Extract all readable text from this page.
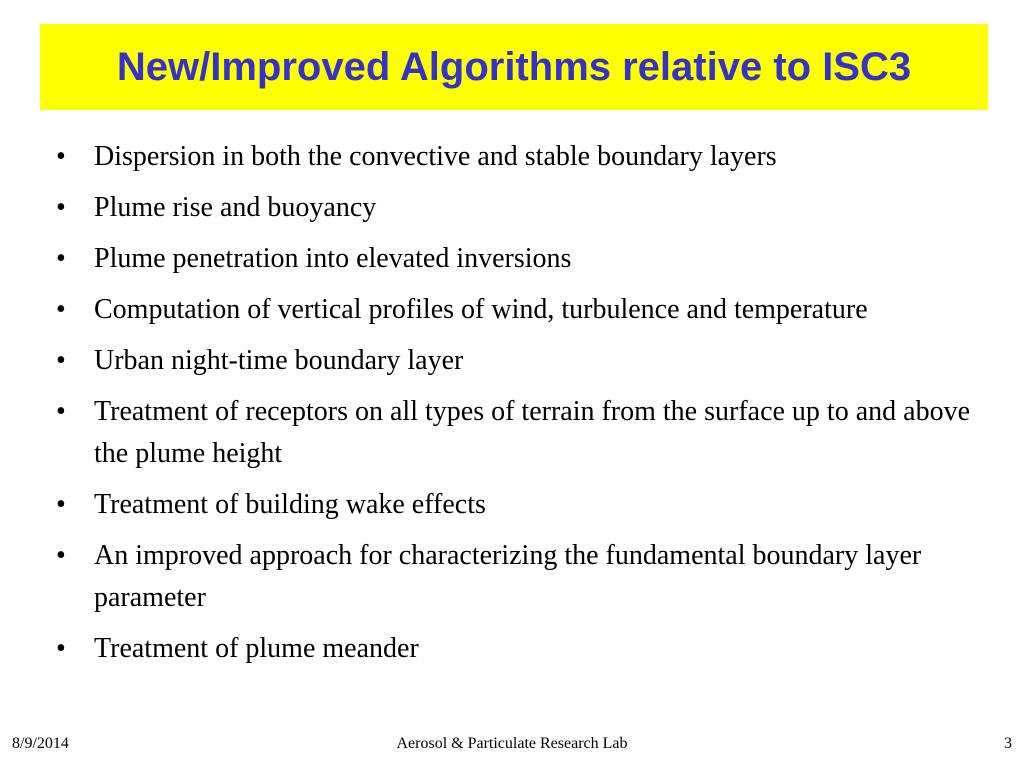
New/Improved Algorithms relative to ISC3
•	Dispersion in both the convective and stable boundary layers
•	Plume rise and buoyancy
•	Plume penetration into elevated inversions
•	Computation of vertical profiles of wind, turbulence and temperature
•	Urban night-time boundary layer
•	Treatment of receptors on all types of terrain from the surface up to and above the plume height
•	Treatment of building wake effects
•	An improved approach for characterizing the fundamental boundary layer parameter
•	Treatment of plume meander
8/9/2014	Aerosol & Particulate Research Lab	3
